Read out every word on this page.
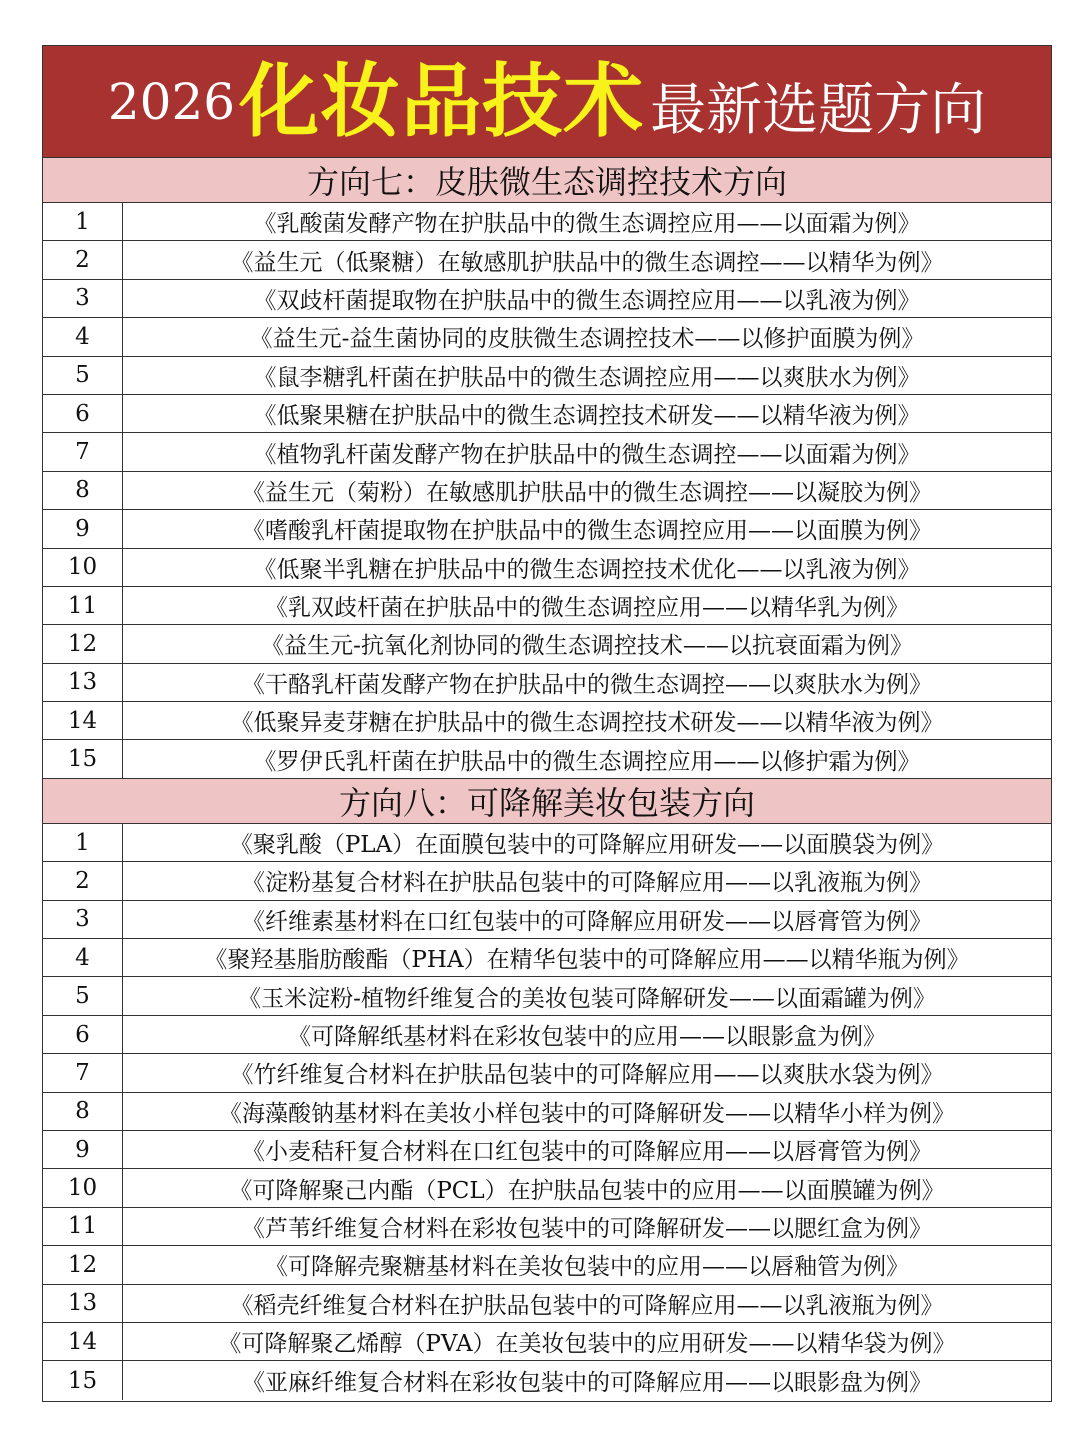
2026 化妆品技术 最新选题方向
方向七：皮肤微生态调控技术方向
1	《乳酸菌发酵产物在护肤品中的微生态调控应用——以面霜为例》
2	《益生元（低聚糖）在敏感肌护肤品中的微生态调控——以精华为例》
3	《双歧杆菌提取物在护肤品中的微生态调控应用——以乳液为例》
4	《益生元-益生菌协同的皮肤微生态调控技术——以修护面膜为例》
5	《鼠李糖乳杆菌在护肤品中的微生态调控应用——以爽肤水为例》
6	《低聚果糖在护肤品中的微生态调控技术研发——以精华液为例》
7	《植物乳杆菌发酵产物在护肤品中的微生态调控——以面霜为例》
8	《益生元（菊粉）在敏感肌护肤品中的微生态调控——以凝胶为例》
9	《嗜酸乳杆菌提取物在护肤品中的微生态调控应用——以面膜为例》
10	《低聚半乳糖在护肤品中的微生态调控技术优化——以乳液为例》
11	《乳双歧杆菌在护肤品中的微生态调控应用——以精华乳为例》
12	《益生元-抗氧化剂协同的微生态调控技术——以抗衰面霜为例》
13	《干酪乳杆菌发酵产物在护肤品中的微生态调控——以爽肤水为例》
14	《低聚异麦芽糖在护肤品中的微生态调控技术研发——以精华液为例》
15	《罗伊氏乳杆菌在护肤品中的微生态调控应用——以修护霜为例》
方向八：可降解美妆包装方向
1	《聚乳酸（PLA）在面膜包装中的可降解应用研发——以面膜袋为例》
2	《淀粉基复合材料在护肤品包装中的可降解应用——以乳液瓶为例》
3	《纤维素基材料在口红包装中的可降解应用研发——以唇膏管为例》
4	《聚羟基脂肪酸酯（PHA）在精华包装中的可降解应用——以精华瓶为例》
5	《玉米淀粉-植物纤维复合的美妆包装可降解研发——以面霜罐为例》
6	《可降解纸基材料在彩妆包装中的应用——以眼影盒为例》
7	《竹纤维复合材料在护肤品包装中的可降解应用——以爽肤水袋为例》
8	《海藻酸钠基材料在美妆小样包装中的可降解研发——以精华小样为例》
9	《小麦秸秆复合材料在口红包装中的可降解应用——以唇膏管为例》
10	《可降解聚己内酯（PCL）在护肤品包装中的应用——以面膜罐为例》
11	《芦苇纤维复合材料在彩妆包装中的可降解研发——以腮红盒为例》
12	《可降解壳聚糖基材料在美妆包装中的应用——以唇釉管为例》
13	《稻壳纤维复合材料在护肤品包装中的可降解应用——以乳液瓶为例》
14	《可降解聚乙烯醇（PVA）在美妆包装中的应用研发——以精华袋为例》
15	《亚麻纤维复合材料在彩妆包装中的可降解应用——以眼影盘为例》
